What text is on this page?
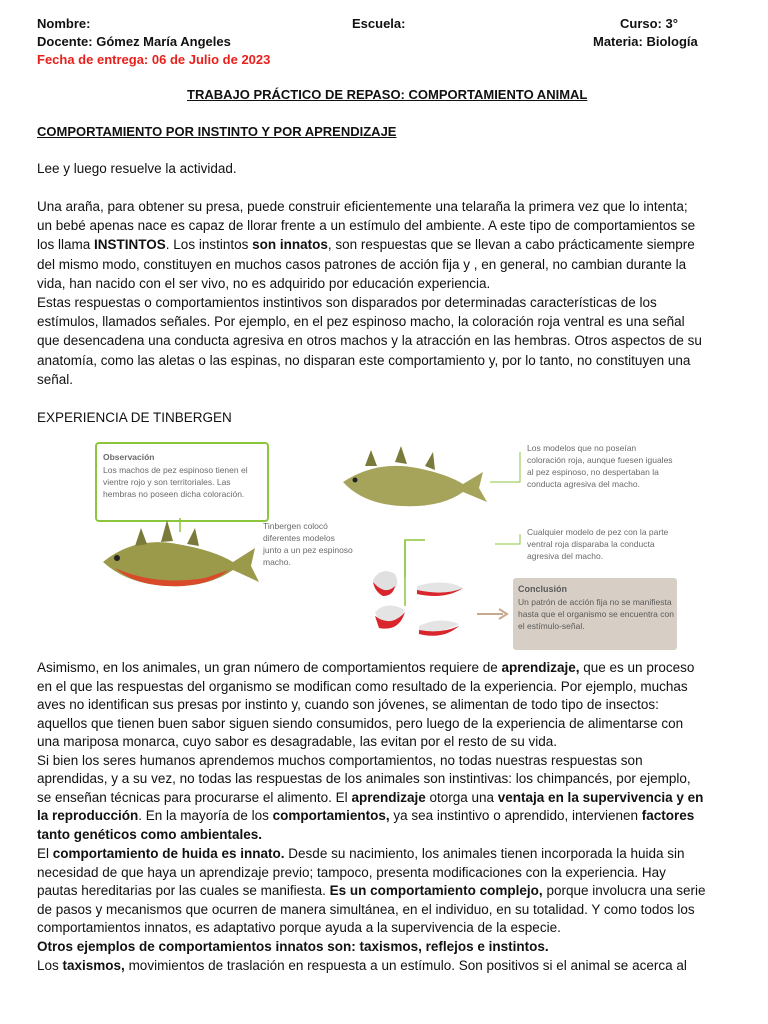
Nombre:	Escuela:	Curso: 3°
Docente: Gómez María Angeles	Materia: Biología
Fecha de entrega: 06 de Julio de 2023
TRABAJO PRÁCTICO DE REPASO: COMPORTAMIENTO ANIMAL
COMPORTAMIENTO POR INSTINTO Y POR APRENDIZAJE
Lee y luego resuelve la actividad.
Una araña, para obtener su presa, puede construir eficientemente una telaraña la primera vez que lo intenta;
un bebé apenas nace es capaz de llorar frente a un estímulo del ambiente. A este tipo de comportamientos se
los llama INSTINTOS. Los instintos son innatos, son respuestas que se llevan a cabo prácticamente siempre
del mismo modo, constituyen en muchos casos patrones de acción fija y , en general, no cambian durante la
vida, han nacido con el ser vivo, no es adquirido por educación experiencia.
Estas respuestas o comportamientos instintivos son disparados por determinadas características de los
estímulos, llamados señales. Por ejemplo, en el pez espinoso macho, la coloración roja ventral es una señal
que desencadena una conducta agresiva en otros machos y la atracción en las hembras. Otros aspectos de su
anatomía, como las aletas o las espinas, no disparan este comportamiento y, por lo tanto, no constituyen una
señal.
EXPERIENCIA DE TINBERGEN
Observación
Los machos de pez espinoso tienen el vientre rojo y son territoriales. Las hembras no poseen dicha coloración.
Tinbergen colocó diferentes modelos junto a un pez espinoso macho.
Los modelos que no poseían coloración roja, aunque fuesen iguales al pez espinoso, no despertaban la conducta agresiva del macho.
Cualquier modelo de pez con la parte ventral roja disparaba la conducta agresiva del macho.
Conclusión
Un patrón de acción fija no se manifiesta hasta que el organismo se encuentra con el estímulo-señal.
Asimismo, en los animales, un gran número de comportamientos requiere de aprendizaje, que es un proceso
en el que las respuestas del organismo se modifican como resultado de la experiencia. Por ejemplo, muchas
aves no identifican sus presas por instinto y, cuando son jóvenes, se alimentan de todo tipo de insectos:
aquellos que tienen buen sabor siguen siendo consumidos, pero luego de la experiencia de alimentarse con
una mariposa monarca, cuyo sabor es desagradable, las evitan por el resto de su vida.
Si bien los seres humanos aprendemos muchos comportamientos, no todas nuestras respuestas son
aprendidas, y a su vez, no todas las respuestas de los animales son instintivas: los chimpancés, por ejemplo,
se enseñan técnicas para procurarse el alimento. El aprendizaje otorga una ventaja en la supervivencia y en
la reproducción. En la mayoría de los comportamientos, ya sea instintivo o aprendido, intervienen factores
tanto genéticos como ambientales.
El comportamiento de huida es innato. Desde su nacimiento, los animales tienen incorporada la huida sin
necesidad de que haya un aprendizaje previo; tampoco, presenta modificaciones con la experiencia. Hay
pautas hereditarias por las cuales se manifiesta. Es un comportamiento complejo, porque involucra una serie
de pasos y mecanismos que ocurren de manera simultánea, en el individuo, en su totalidad. Y como todos los
comportamientos innatos, es adaptativo porque ayuda a la supervivencia de la especie.
Otros ejemplos de comportamientos innatos son: taxismos, reflejos e instintos.
Los taxismos, movimientos de traslación en respuesta a un estímulo. Son positivos si el animal se acerca al
